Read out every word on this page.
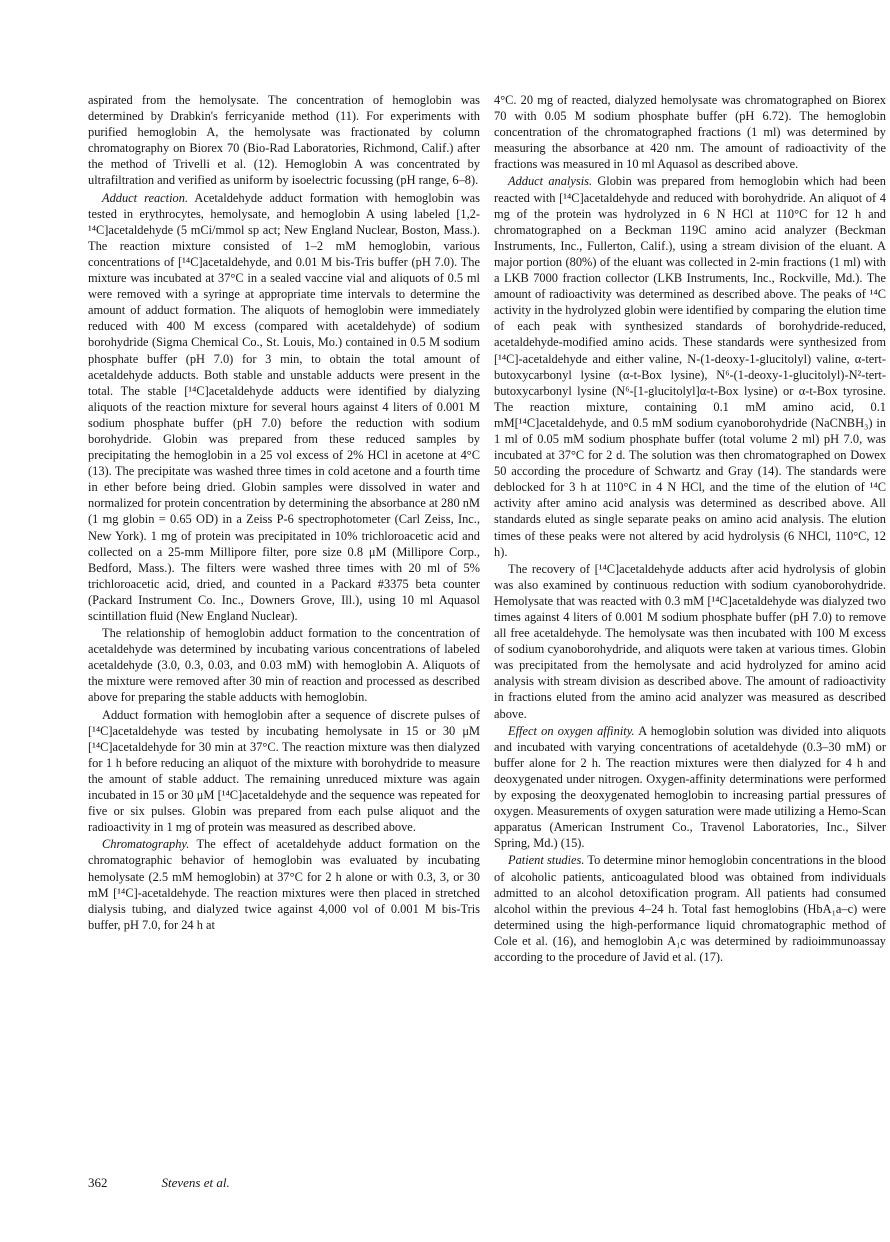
aspirated from the hemolysate. The concentration of hemoglobin was determined by Drabkin's ferricyanide method (11). For experiments with purified hemoglobin A, the hemolysate was fractionated by column chromatography on Biorex 70 (Bio-Rad Laboratories, Richmond, Calif.) after the method of Trivelli et al. (12). Hemoglobin A was concentrated by ultrafiltration and verified as uniform by isoelectric focussing (pH range, 6–8).

Adduct reaction. Acetaldehyde adduct formation with hemoglobin was tested in erythrocytes, hemolysate, and hemoglobin A using labeled [1,2-¹⁴C]acetaldehyde (5 mCi/mmol sp act; New England Nuclear, Boston, Mass.). The reaction mixture consisted of 1–2 mM hemoglobin, various concentrations of [¹⁴C]acetaldehyde, and 0.01 M bis-Tris buffer (pH 7.0). The mixture was incubated at 37°C in a sealed vaccine vial and aliquots of 0.5 ml were removed with a syringe at appropriate time intervals to determine the amount of adduct formation. The aliquots of hemoglobin were immediately reduced with 400 M excess (compared with acetaldehyde) of sodium borohydride (Sigma Chemical Co., St. Louis, Mo.) contained in 0.5 M sodium phosphate buffer (pH 7.0) for 3 min, to obtain the total amount of acetaldehyde adducts. Both stable and unstable adducts were present in the total. The stable [¹⁴C]acetaldehyde adducts were identified by dialyzing aliquots of the reaction mixture for several hours against 4 liters of 0.001 M sodium phosphate buffer (pH 7.0) before the reduction with sodium borohydride. Globin was prepared from these reduced samples by precipitating the hemoglobin in a 25 vol excess of 2% HCl in acetone at 4°C (13). The precipitate was washed three times in cold acetone and a fourth time in ether before being dried. Globin samples were dissolved in water and normalized for protein concentration by determining the absorbance at 280 nM (1 mg globin = 0.65 OD) in a Zeiss P-6 spectrophotometer (Carl Zeiss, Inc., New York). 1 mg of protein was precipitated in 10% trichloroacetic acid and collected on a 25-mm Millipore filter, pore size 0.8 μM (Millipore Corp., Bedford, Mass.). The filters were washed three times with 20 ml of 5% trichloroacetic acid, dried, and counted in a Packard #3375 beta counter (Packard Instrument Co. Inc., Downers Grove, Ill.), using 10 ml Aquasol scintillation fluid (New England Nuclear).

The relationship of hemoglobin adduct formation to the concentration of acetaldehyde was determined by incubating various concentrations of labeled acetaldehyde (3.0, 0.3, 0.03, and 0.03 mM) with hemoglobin A. Aliquots of the mixture were removed after 30 min of reaction and processed as described above for preparing the stable adducts with hemoglobin.

Adduct formation with hemoglobin after a sequence of discrete pulses of [¹⁴C]acetaldehyde was tested by incubating hemolysate in 15 or 30 μM [¹⁴C]acetaldehyde for 30 min at 37°C. The reaction mixture was then dialyzed for 1 h before reducing an aliquot of the mixture with borohydride to measure the amount of stable adduct. The remaining unreduced mixture was again incubated in 15 or 30 μM [¹⁴C]acetaldehyde and the sequence was repeated for five or six pulses. Globin was prepared from each pulse aliquot and the radioactivity in 1 mg of protein was measured as described above.

Chromatography. The effect of acetaldehyde adduct formation on the chromatographic behavior of hemoglobin was evaluated by incubating hemolysate (2.5 mM hemoglobin) at 37°C for 2 h alone or with 0.3, 3, or 30 mM [¹⁴C]-acetaldehyde. The reaction mixtures were then placed in stretched dialysis tubing, and dialyzed twice against 4,000 vol of 0.001 M bis-Tris buffer, pH 7.0, for 24 h at

4°C. 20 mg of reacted, dialyzed hemolysate was chromatographed on Biorex 70 with 0.05 M sodium phosphate buffer (pH 6.72). The hemoglobin concentration of the chromatographed fractions (1 ml) was determined by measuring the absorbance at 420 nm. The amount of radioactivity of the fractions was measured in 10 ml Aquasol as described above.

Adduct analysis. Globin was prepared from hemoglobin which had been reacted with [¹⁴C]acetaldehyde and reduced with borohydride. An aliquot of 4 mg of the protein was hydrolyzed in 6 N HCl at 110°C for 12 h and chromatographed on a Beckman 119C amino acid analyzer (Beckman Instruments, Inc., Fullerton, Calif.), using a stream division of the eluant. A major portion (80%) of the eluant was collected in 2-min fractions (1 ml) with a LKB 7000 fraction collector (LKB Instruments, Inc., Rockville, Md.). The amount of radioactivity was determined as described above. The peaks of ¹⁴C activity in the hydrolyzed globin were identified by comparing the elution time of each peak with synthesized standards of borohydride-reduced, acetaldehyde-modified amino acids. These standards were synthesized from [¹⁴C]-acetaldehyde and either valine, N-(1-deoxy-1-glucitolyl) valine, α-tert-butoxycarbonyl lysine (α-t-Box lysine), N⁶-(1-deoxy-1-glucitolyl)-N²-tert-butoxycarbonyl lysine (N⁶-[1-glucitolyl]α-t-Box lysine) or α-t-Box tyrosine. The reaction mixture, containing 0.1 mM amino acid, 0.1 mM[¹⁴C]acetaldehyde, and 0.5 mM sodium cyanoborohydride (NaCNBH₃) in 1 ml of 0.05 mM sodium phosphate buffer (total volume 2 ml) pH 7.0, was incubated at 37°C for 2 d. The solution was then chromatographed on Dowex 50 according the procedure of Schwartz and Gray (14). The standards were deblocked for 3 h at 110°C in 4 N HCl, and the time of the elution of ¹⁴C activity after amino acid analysis was determined as described above. All standards eluted as single separate peaks on amino acid analysis. The elution times of these peaks were not altered by acid hydrolysis (6 NHCl, 110°C, 12 h).

The recovery of [¹⁴C]acetaldehyde adducts after acid hydrolysis of globin was also examined by continuous reduction with sodium cyanoborohydride. Hemolysate that was reacted with 0.3 mM [¹⁴C]acetaldehyde was dialyzed two times against 4 liters of 0.001 M sodium phosphate buffer (pH 7.0) to remove all free acetaldehyde. The hemolysate was then incubated with 100 M excess of sodium cyanoborohydride, and aliquots were taken at various times. Globin was precipitated from the hemolysate and acid hydrolyzed for amino acid analysis with stream division as described above. The amount of radioactivity in fractions eluted from the amino acid analyzer was measured as described above.

Effect on oxygen affinity. A hemoglobin solution was divided into aliquots and incubated with varying concentrations of acetaldehyde (0.3–30 mM) or buffer alone for 2 h. The reaction mixtures were then dialyzed for 4 h and deoxygenated under nitrogen. Oxygen-affinity determinations were performed by exposing the deoxygenated hemoglobin to increasing partial pressures of oxygen. Measurements of oxygen saturation were made utilizing a Hemo-Scan apparatus (American Instrument Co., Travenol Laboratories, Inc., Silver Spring, Md.) (15).

Patient studies. To determine minor hemoglobin concentrations in the blood of alcoholic patients, anticoagulated blood was obtained from individuals admitted to an alcohol detoxification program. All patients had consumed alcohol within the previous 4–24 h. Total fast hemoglobins (HbA₁a–c) were determined using the high-performance liquid chromatographic method of Cole et al. (16), and hemoglobin A₁c was determined by radioimmunoassay according to the procedure of Javid et al. (17).

362	Stevens et al.
